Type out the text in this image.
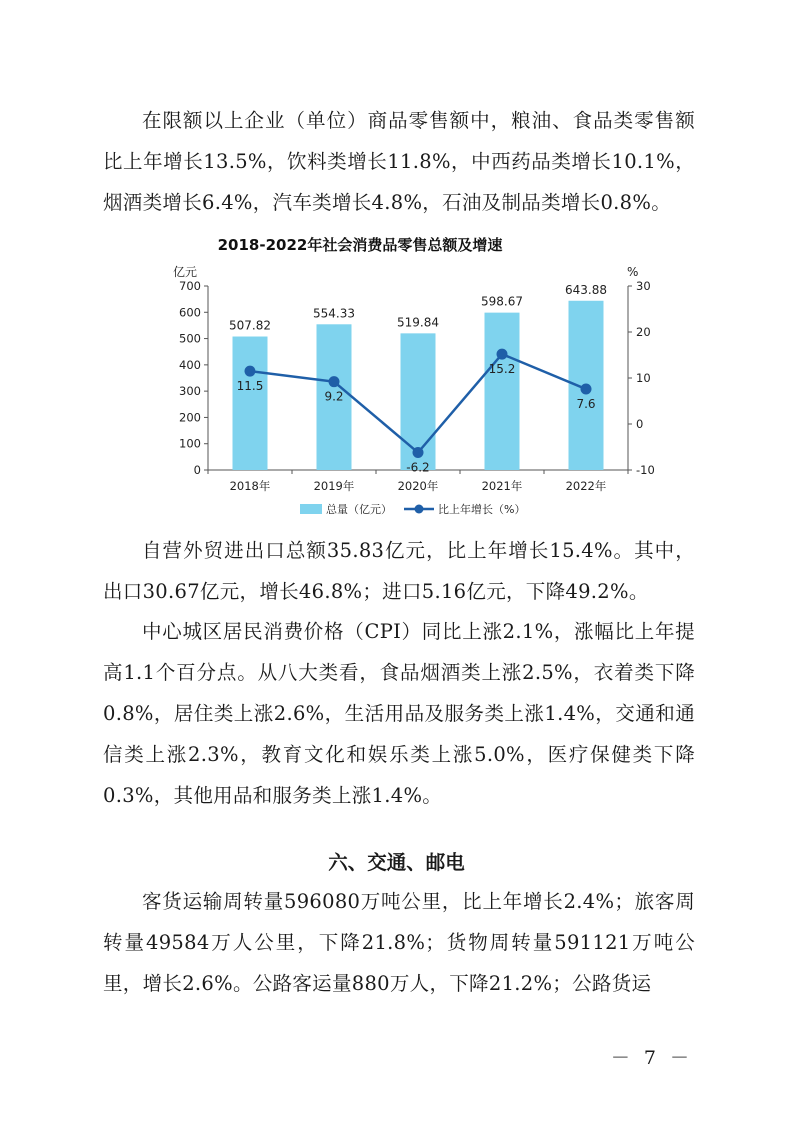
在限额以上企业（单位）商品零售额中，粮油、食品类零售额比上年增长13.5%，饮料类增长11.8%，中西药品类增长10.1%，烟酒类增长6.4%，汽车类增长4.8%，石油及制品类增长0.8%。

2018-2022年社会消费品零售总额及增速
亿元	%
0
100
200
300
400
500
600
700
-10
0
10
20
30
2018年	2019年	2020年	2021年	2022年
507.82
554.33
519.84
598.67
643.88
11.5
9.2
-6.2
15.2
7.6
总量（亿元）	比上年增长（%）

自营外贸进出口总额35.83亿元，比上年增长15.4%。其中，出口30.67亿元，增长46.8%；进口5.16亿元，下降49.2%。

中心城区居民消费价格（CPI）同比上涨2.1%，涨幅比上年提高1.1个百分点。从八大类看，食品烟酒类上涨2.5%，衣着类下降0.8%，居住类上涨2.6%，生活用品及服务类上涨1.4%，交通和通信类上涨2.3%，教育文化和娱乐类上涨5.0%，医疗保健类下降0.3%，其他用品和服务类上涨1.4%。

六、交通、邮电

客货运输周转量596080万吨公里，比上年增长2.4%；旅客周转量49584万人公里，下降21.8%；货物周转量591121万吨公里，增长2.6%。公路客运量880万人，下降21.2%；公路货运

－ 7 －
